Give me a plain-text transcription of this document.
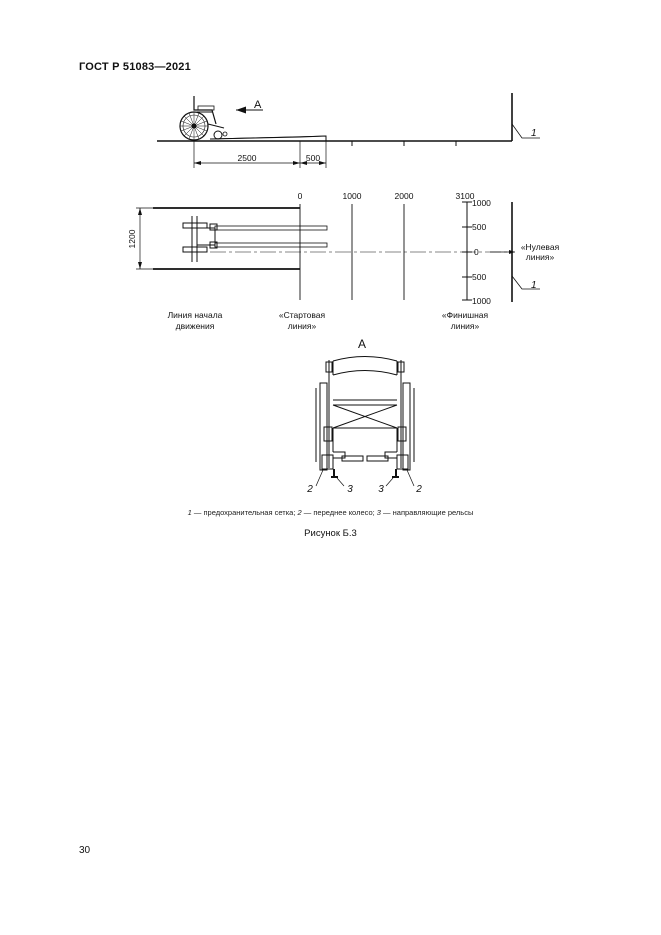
ГОСТ Р 51083—2021
A
1
2500	500
1200
0	1000	2000	3100
1000
500
0
500
1000
1
«Нулевая
линия»
Линия начала
движения
«Стартовая
линия»
«Финишная
линия»
A
2	3	3	2
1 — предохранительная сетка; 2 — переднее колесо; 3 — направляющие рельсы
Рисунок Б.3
30
